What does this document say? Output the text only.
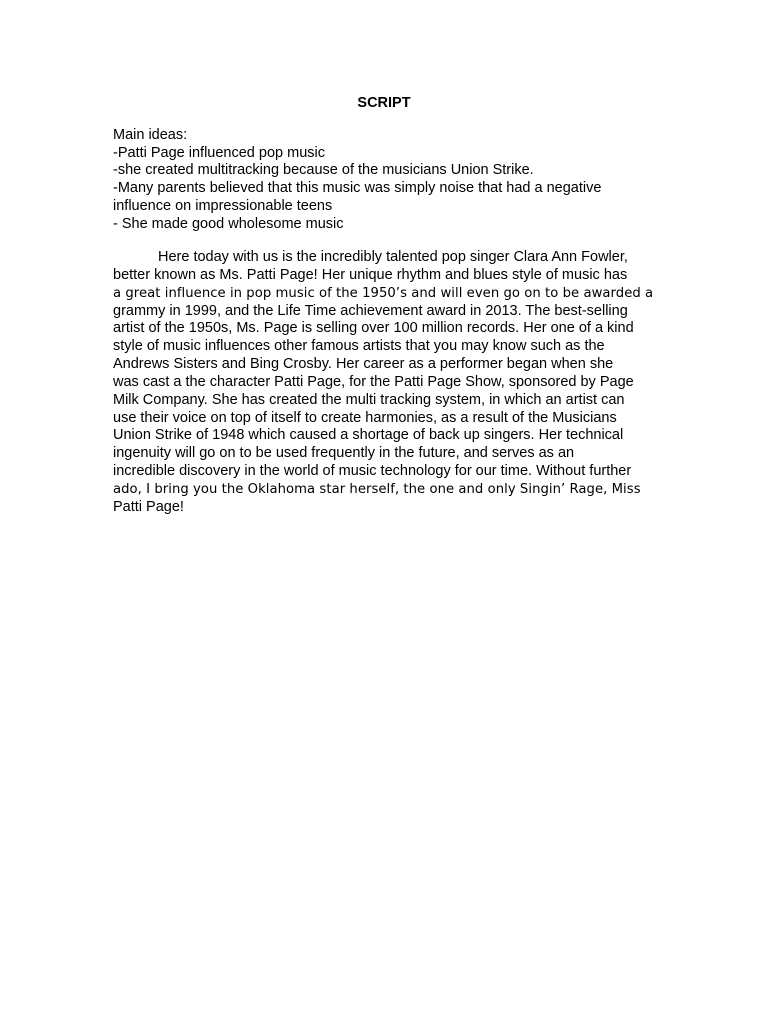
SCRIPT
Main ideas:
-Patti Page influenced pop music
-she created multitracking because of the musicians Union Strike.
-Many parents believed that this music was simply noise that had a negative
influence on impressionable teens
- She made good wholesome music

Here today with us is the incredibly talented pop singer Clara Ann Fowler,
better known as Ms. Patti Page! Her unique rhythm and blues style of music has
a great influence in pop music of the 1950’s and will even go on to be awarded a
grammy in 1999, and the Life Time achievement award in 2013. The best-selling
artist of the 1950s, Ms. Page is selling over 100 million records. Her one of a kind
style of music influences other famous artists that you may know such as the
Andrews Sisters and Bing Crosby. Her career as a performer began when she
was cast a the character Patti Page, for the Patti Page Show, sponsored by Page
Milk Company. She has created the multi tracking system, in which an artist can
use their voice on top of itself to create harmonies, as a result of the Musicians
Union Strike of 1948 which caused a shortage of back up singers. Her technical
ingenuity will go on to be used frequently in the future, and serves as an
incredible discovery in the world of music technology for our time. Without further
ado, I bring you the Oklahoma star herself, the one and only Singin’ Rage, Miss
Patti Page!
